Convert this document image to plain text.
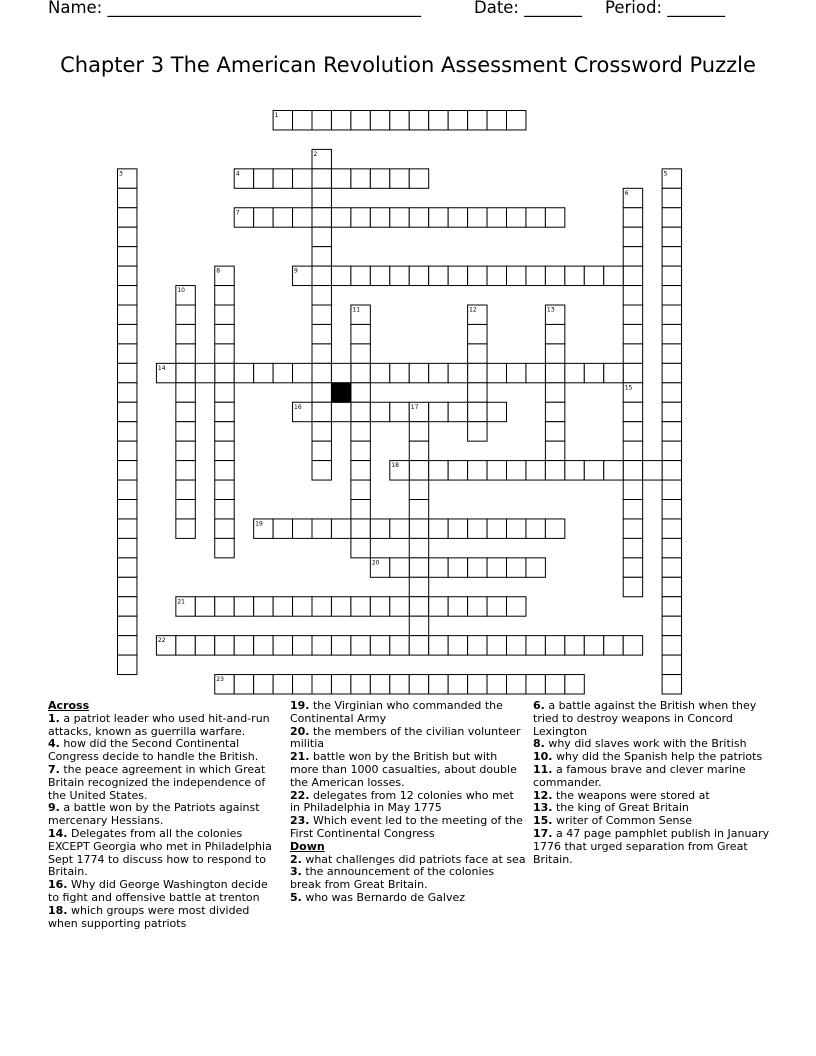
Name: ______________________________________	Date: _______ Period: _______
Chapter 3 The American Revolution Assessment Crossword Puzzle
1
2
3	4	5
6
7
8	9
10
11	12	13
14
15
16	17
18
19
20
21
22
23

Across

1. a patriot leader who used hit-and-run attacks, known as guerrilla warfare.

4. how did the Second Continental Congress decide to handle the British.

7. the peace agreement in which Great Britain recognized the independence of the United States.

9. a battle won by the Patriots against mercenary Hessians.

14. Delegates from all the colonies EXCEPT Georgia who met in Philadelphia Sept 1774 to discuss how to respond to Britain.

16. Why did George Washington decide to fight and offensive battle at trenton

18. which groups were most divided when supporting patriots

19. the Virginian who commanded the Continental Army

20. the members of the civilian volunteer militia

21. battle won by the British but with more than 1000 casualties, about double the American losses.

22. delegates from 12 colonies who met in Philadelphia in May 1775

23. Which event led to the meeting of the First Continental Congress

Down

2. what challenges did patriots face at sea

3. the announcement of the colonies break from Great Britain.

5. who was Bernardo de Galvez

6. a battle against the British when they tried to destroy weapons in Concord Lexington

8. why did slaves work with the British

10. why did the Spanish help the patriots

11. a famous brave and clever marine commander.

12. the weapons were stored at

13. the king of Great Britain

15. writer of Common Sense

17. a 47 page pamphlet publish in January 1776 that urged separation from Great Britain.
